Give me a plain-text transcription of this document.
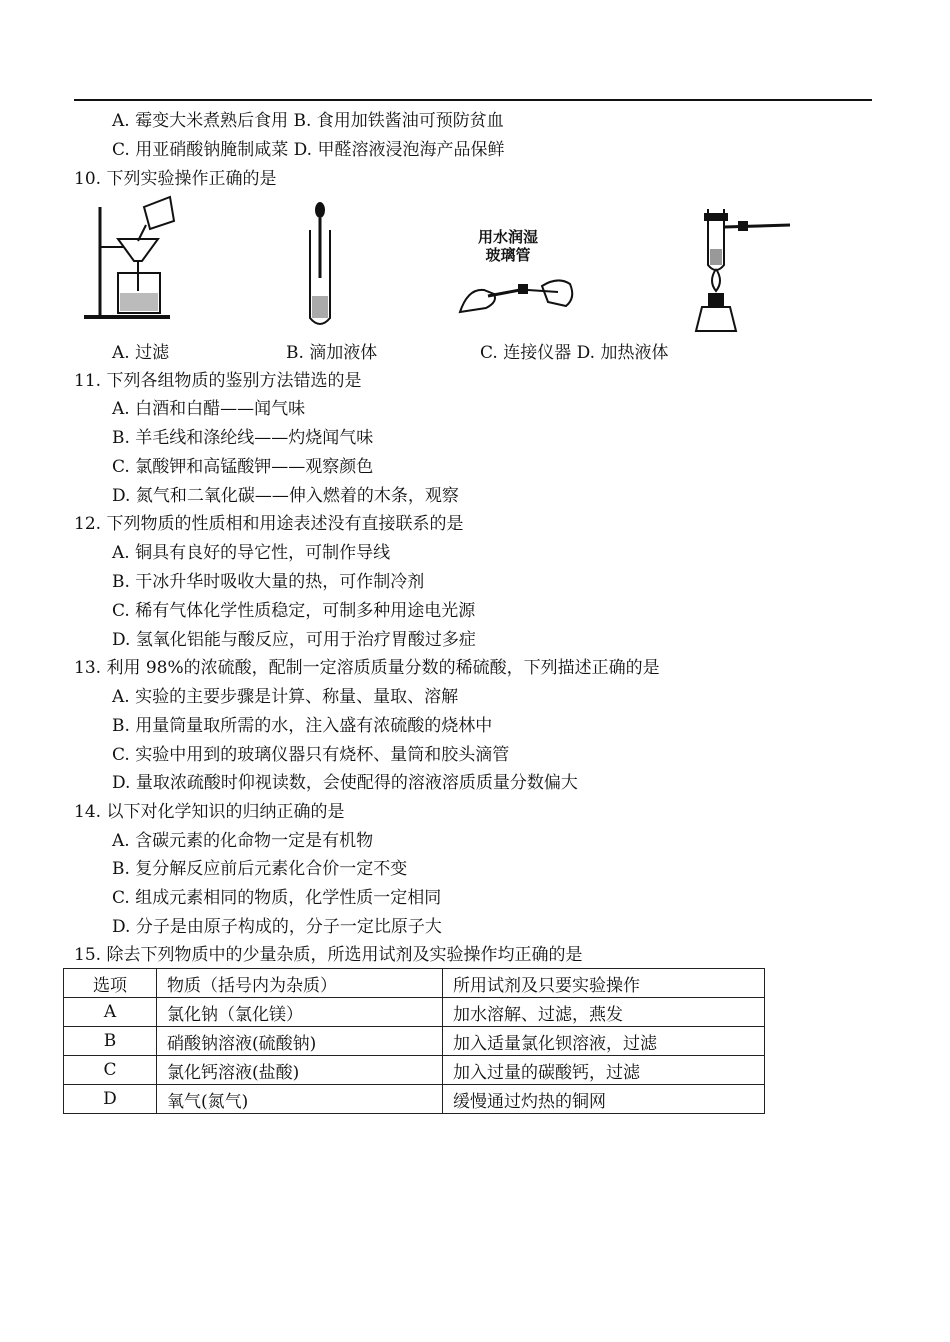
A. 霉变大米煮熟后食用 B. 食用加铁酱油可预防贫血
C. 用亚硝酸钠腌制咸菜 D. 甲醛溶液浸泡海产品保鲜
10. 下列实验操作正确的是
用水润湿
玻璃管
A. 过滤	B. 滴加液体	C. 连接仪器 D. 加热液体
11. 下列各组物质的鉴别方法错选的是
A. 白酒和白醋——闻气味
B. 羊毛线和涤纶线——灼烧闻气味
C. 氯酸钾和高锰酸钾——观察颜色
D. 氮气和二氧化碳——伸入燃着的木条，观察
12. 下列物质的性质相和用途表述没有直接联系的是
A. 铜具有良好的导它性，可制作导线
B. 干冰升华时吸收大量的热，可作制冷剂
C. 稀有气体化学性质稳定，可制多种用途电光源
D. 氢氧化铝能与酸反应，可用于治疗胃酸过多症
13. 利用 98%的浓硫酸，配制一定溶质质量分数的稀硫酸，下列描述正确的是
A. 实验的主要步骤是计算、称量、量取、溶解
B. 用量筒量取所需的水，注入盛有浓硫酸的烧林中
C. 实验中用到的玻璃仪器只有烧杯、量筒和胶头滴管
D. 量取浓疏酸时仰视读数，会使配得的溶液溶质质量分数偏大
14. 以下对化学知识的归纳正确的是
A. 含碳元素的化命物一定是有机物
B. 复分解反应前后元素化合价一定不变
C. 组成元素相同的物质，化学性质一定相同
D. 分子是由原子构成的，分子一定比原子大
15. 除去下列物质中的少量杂质，所选用试剂及实验操作均正确的是
选项	物质（括号内为杂质）	所用试剂及只要实验操作
A	氯化钠（氯化镁）	加水溶解、过滤，燕发
B	硝酸钠溶液(硫酸钠)	加入适量氯化钡溶液，过滤
C	氯化钙溶液(盐酸)	加入过量的碳酸钙，过滤
D	氧气(氮气)	缓慢通过灼热的铜网
